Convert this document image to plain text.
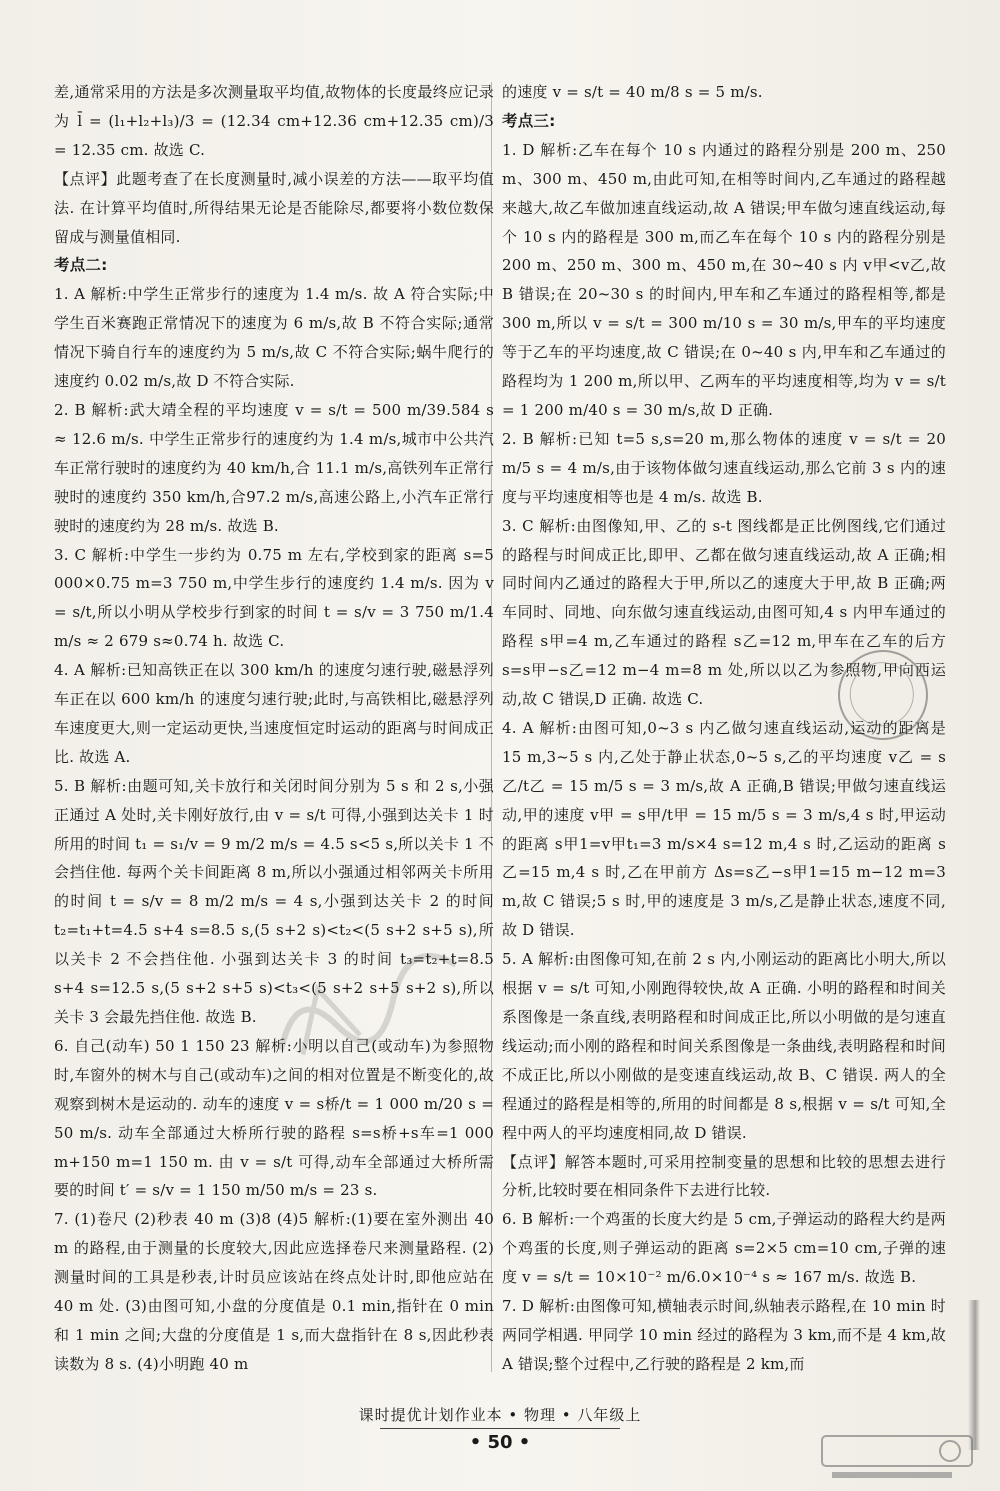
差,通常采用的方法是多次测量取平均值,故物体的长度最终应记录为 l̄ = (l₁+l₂+l₃)/3 = (12.34 cm+12.36 cm+12.35 cm)/3 = 12.35 cm. 故选 C.
【点评】此题考查了在长度测量时,减小误差的方法——取平均值法. 在计算平均值时,所得结果无论是否能除尽,都要将小数位数保留成与测量值相同.
考点二:
1. A 解析:中学生正常步行的速度为 1.4 m/s. 故 A 符合实际;中学生百米赛跑正常情况下的速度为 6 m/s,故 B 不符合实际;通常情况下骑自行车的速度约为 5 m/s,故 C 不符合实际;蜗牛爬行的速度约 0.02 m/s,故 D 不符合实际.
2. B 解析:武大靖全程的平均速度 v = s/t = 500 m/39.584 s ≈ 12.6 m/s. 中学生正常步行的速度约为 1.4 m/s,城市中公共汽车正常行驶时的速度约为 40 km/h,合 11.1 m/s,高铁列车正常行驶时的速度约 350 km/h,合97.2 m/s,高速公路上,小汽车正常行驶时的速度约为 28 m/s. 故选 B.
3. C 解析:中学生一步约为 0.75 m 左右,学校到家的距离 s=5 000×0.75 m=3 750 m,中学生步行的速度约 1.4 m/s. 因为 v = s/t,所以小明从学校步行到家的时间 t = s/v = 3 750 m/1.4 m/s ≈ 2 679 s≈0.74 h. 故选 C.
4. A 解析:已知高铁正在以 300 km/h 的速度匀速行驶,磁悬浮列车正在以 600 km/h 的速度匀速行驶;此时,与高铁相比,磁悬浮列车速度更大,则一定运动更快,当速度恒定时运动的距离与时间成正比. 故选 A.
5. B 解析:由题可知,关卡放行和关闭时间分别为 5 s 和 2 s,小强正通过 A 处时,关卡刚好放行,由 v = s/t 可得,小强到达关卡 1 时所用的时间 t₁ = s₁/v = 9 m/2 m/s = 4.5 s<5 s,所以关卡 1 不会挡住他. 每两个关卡间距离 8 m,所以小强通过相邻两关卡所用的时间 t = s/v = 8 m/2 m/s = 4 s,小强到达关卡 2 的时间 t₂=t₁+t=4.5 s+4 s=8.5 s,(5 s+2 s)<t₂<(5 s+2 s+5 s),所以关卡 2 不会挡住他. 小强到达关卡 3 的时间 t₃=t₂+t=8.5 s+4 s=12.5 s,(5 s+2 s+5 s)<t₃<(5 s+2 s+5 s+2 s),所以关卡 3 会最先挡住他. 故选 B.
6. 自己(动车) 50 1 150 23 解析:小明以自己(或动车)为参照物时,车窗外的树木与自己(或动车)之间的相对位置是不断变化的,故观察到树木是运动的. 动车的速度 v = s桥/t = 1 000 m/20 s = 50 m/s. 动车全部通过大桥所行驶的路程 s=s桥+s车=1 000 m+150 m=1 150 m. 由 v = s/t 可得,动车全部通过大桥所需要的时间 t′ = s/v = 1 150 m/50 m/s = 23 s.
7. (1)卷尺 (2)秒表 40 m (3)8 (4)5 解析:(1)要在室外测出 40 m 的路程,由于测量的长度较大,因此应选择卷尺来测量路程. (2)测量时间的工具是秒表,计时员应该站在终点处计时,即他应站在 40 m 处. (3)由图可知,小盘的分度值是 0.1 min,指针在 0 min 和 1 min 之间;大盘的分度值是 1 s,而大盘指针在 8 s,因此秒表读数为 8 s. (4)小明跑 40 m
的速度 v = s/t = 40 m/8 s = 5 m/s.
考点三:
1. D 解析:乙车在每个 10 s 内通过的路程分别是 200 m、250 m、300 m、450 m,由此可知,在相等时间内,乙车通过的路程越来越大,故乙车做加速直线运动,故 A 错误;甲车做匀速直线运动,每个 10 s 内的路程是 300 m,而乙车在每个 10 s 内的路程分别是 200 m、250 m、300 m、450 m,在 30~40 s 内 v甲<v乙,故 B 错误;在 20~30 s 的时间内,甲车和乙车通过的路程相等,都是 300 m,所以 v = s/t = 300 m/10 s = 30 m/s,甲车的平均速度等于乙车的平均速度,故 C 错误;在 0~40 s 内,甲车和乙车通过的路程均为 1 200 m,所以甲、乙两车的平均速度相等,均为 v = s/t = 1 200 m/40 s = 30 m/s,故 D 正确.
2. B 解析:已知 t=5 s,s=20 m,那么物体的速度 v = s/t = 20 m/5 s = 4 m/s,由于该物体做匀速直线运动,那么它前 3 s 内的速度与平均速度相等也是 4 m/s. 故选 B.
3. C 解析:由图像知,甲、乙的 s-t 图线都是正比例图线,它们通过的路程与时间成正比,即甲、乙都在做匀速直线运动,故 A 正确;相同时间内乙通过的路程大于甲,所以乙的速度大于甲,故 B 正确;两车同时、同地、向东做匀速直线运动,由图可知,4 s 内甲车通过的路程 s甲=4 m,乙车通过的路程 s乙=12 m,甲车在乙车的后方 s=s甲−s乙=12 m−4 m=8 m 处,所以以乙为参照物,甲向西运动,故 C 错误,D 正确. 故选 C.
4. A 解析:由图可知,0~3 s 内乙做匀速直线运动,运动的距离是 15 m,3~5 s 内,乙处于静止状态,0~5 s,乙的平均速度 v乙 = s乙/t乙 = 15 m/5 s = 3 m/s,故 A 正确,B 错误;甲做匀速直线运动,甲的速度 v甲 = s甲/t甲 = 15 m/5 s = 3 m/s,4 s 时,甲运动的距离 s甲1=v甲t₁=3 m/s×4 s=12 m,4 s 时,乙运动的距离 s乙=15 m,4 s 时,乙在甲前方 Δs=s乙−s甲1=15 m−12 m=3 m,故 C 错误;5 s 时,甲的速度是 3 m/s,乙是静止状态,速度不同,故 D 错误.
5. A 解析:由图像可知,在前 2 s 内,小刚运动的距离比小明大,所以根据 v = s/t 可知,小刚跑得较快,故 A 正确. 小明的路程和时间关系图像是一条直线,表明路程和时间成正比,所以小明做的是匀速直线运动;而小刚的路程和时间关系图像是一条曲线,表明路程和时间不成正比,所以小刚做的是变速直线运动,故 B、C 错误. 两人的全程通过的路程是相等的,所用的时间都是 8 s,根据 v = s/t 可知,全程中两人的平均速度相同,故 D 错误.
【点评】解答本题时,可采用控制变量的思想和比较的思想去进行分析,比较时要在相同条件下去进行比较.
6. B 解析:一个鸡蛋的长度大约是 5 cm,子弹运动的路程大约是两个鸡蛋的长度,则子弹运动的距离 s=2×5 cm=10 cm,子弹的速度 v = s/t = 10×10⁻² m/6.0×10⁻⁴ s ≈ 167 m/s. 故选 B.
7. D 解析:由图像可知,横轴表示时间,纵轴表示路程,在 10 min 时两同学相遇. 甲同学 10 min 经过的路程为 3 km,而不是 4 km,故 A 错误;整个过程中,乙行驶的路程是 2 km,而
课时提优计划作业本 • 物理 • 八年级上
• 50 •
